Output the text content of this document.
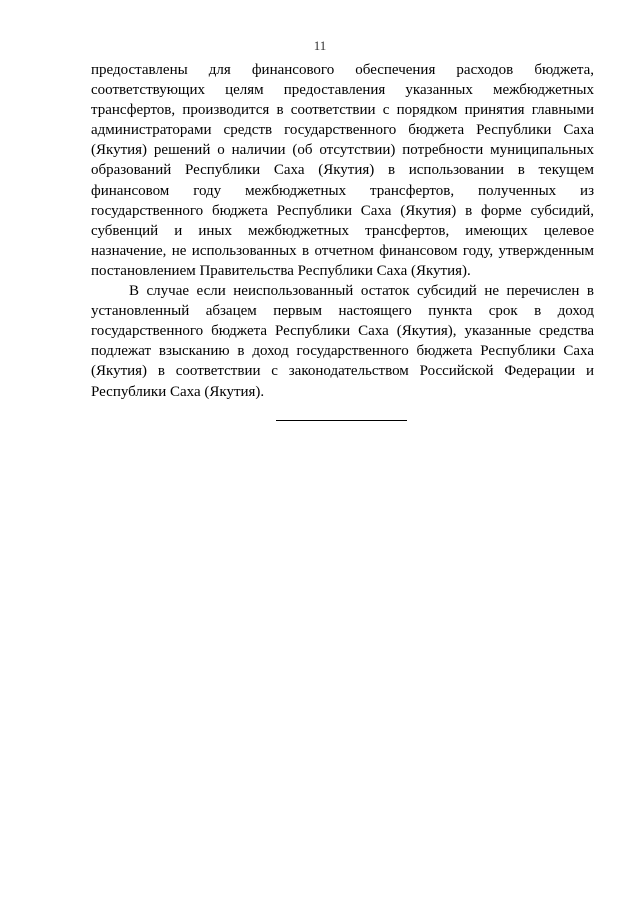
11

предоставлены для финансового обеспечения расходов бюджета, соответствующих целям предоставления указанных межбюджетных трансфертов, производится в соответствии с порядком принятия главными администраторами средств государственного бюджета Республики Саха (Якутия) решений о наличии (об отсутствии) потребности муниципальных образований Республики Саха (Якутия) в использовании в текущем финансовом году межбюджетных трансфертов, полученных из государственного бюджета Республики Саха (Якутия) в форме субсидий, субвенций и иных межбюджетных трансфертов, имеющих целевое назначение, не использованных в отчетном финансовом году, утвержденным постановлением Правительства Республики Саха (Якутия).

В случае если неиспользованный остаток субсидий не перечислен в установленный абзацем первым настоящего пункта срок в доход государственного бюджета Республики Саха (Якутия), указанные средства подлежат взысканию в доход государственного бюджета Республики Саха (Якутия) в соответствии с законодательством Российской Федерации и Республики Саха (Якутия).
